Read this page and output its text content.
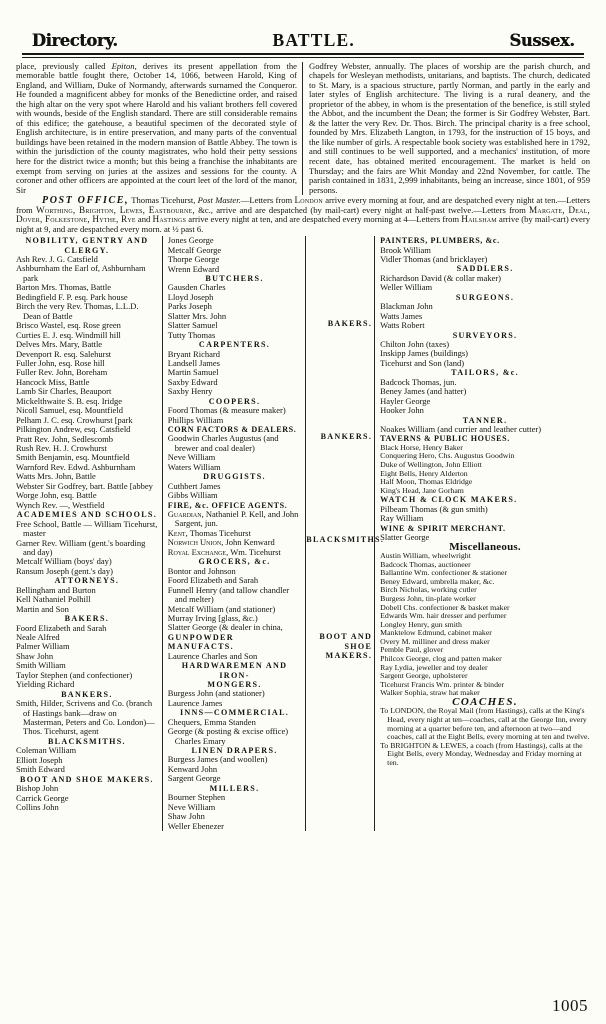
Directory.	BATTLE.	Sussex.

place, previously called Epiton, derives its present appellation from the memorable battle fought there, October 14, 1066, between Harold, King of England, and William, Duke of Normandy, afterwards surnamed the Conqueror. He founded a magnificent abbey for monks of the Benedictine order, and raised the high altar on the very spot where Harold and his valiant brothers fell covered with wounds, beside of the English standard. There are still considerable remains of this edifice; the gatehouse, a beautiful specimen of the decorated style of English architecture, is in entire preservation, and many parts of the conventual buildings have been retained in the modern mansion of Battle Abbey. The town is within the jurisdiction of the county magistrates, who hold their petty sessions here for the district twice a month; but this being a franchise the inhabitants are exempt from serving on juries at the assizes and sessions for the county. A coroner and other officers are appointed at the court leet of the lord of the manor, Sir

Godfrey Webster, annually. The places of worship are the parish church, and chapels for Wesleyan methodists, unitarians, and baptists. The church, dedicated to St. Mary, is a spacious structure, partly Norman, and partly in the early and later styles of English architecture. The living is a rural deanery, and the proprietor of the abbey, in whom is the presentation of the benefice, is still styled the Abbot, and the incumbent the Dean; the former is Sir Godfrey Webster, Bart. & the latter the very Rev. Dr. Thos. Birch. The principal charity is a free school, founded by Mrs. Elizabeth Langton, in 1793, for the instruction of 15 boys, and the like number of girls. A respectable book society was established here in 1792, and still continues to be well supported, and a mechanics' institution, of more recent date, has obtained merited encouragement. The market is held on Thursday; and the fairs are Whit Monday and 22nd November, for cattle. The parish contained in 1831, 2,999 inhabitants, being an increase, since 1801, of 959 persons.

POST OFFICE, Thomas Ticehurst, Post Master.—Letters from London arrive every morning at four, and are despatched every night at ten.—Letters from Worthing, Brighton, Lewes, Eastbourne, &c., arrive and are despatched (by mail-cart) every night at half-past twelve.—Letters from Margate, Deal, Dover, Folkestone, Hythe, Rye and Hastings arrive every night at ten, and are despatched every morning at 4—Letters from Hailsham arrive (by mail-cart) every night at 9, and are despatched every morn. at ½ past 6.
NOBILITY, GENTRY AND
CLERGY.
Ash Rev. J. G. Catsfield
Ashburnham the Earl of, Ashburnham park
Barton Mrs. Thomas, Battle
Bedingfield F. P. esq. Park house
Birch the very Rev. Thomas, L.L.D. Dean of Battle
Brisco Wastel, esq. Rose green
Curties E. J. esq. Windmill hill
Delves Mrs. Mary, Battle
Devenport R. esq. Salehurst
Fuller John, esq. Rose hill
Fuller Rev. John, Boreham
Hancock Miss, Battle
Lamb Sir Charles, Beauport
Mickelthwaite S. B. esq. Iridge
Nicoll Samuel, esq. Mountfield
Pelham J. C. esq. Crowhurst [park
Pilkington Andrew, esq. Catsfield
Pratt Rev. John, Sedlescomb
Rush Rev. H. J. Crowhurst
Smith Benjamin, esq. Mountfield
Warnford Rev. Edwd. Ashburnham
Watts Mrs. John, Battle
Webster Sir Godfrey, bart. Battle [abbey
Worge John, esq. Battle
Wynch Rev. —, Westfield
ACADEMIES AND SCHOOLS.
Free School, Battle — William Ticehurst, master
Garner Rev. William (gent.'s boarding and day)
Metcalf William (boys' day)
Ransum Joseph (gent.'s day)
ATTORNEYS.
Bellingham and Burton
Kell Nathaniel Polhill
Martin and Son
BAKERS.
Foord Elizabeth and Sarah
Neale Alfred
Palmer William
Shaw John
Smith William
Taylor Stephen (and confectioner)
Yielding Richard
BANKERS.
Smith, Hilder, Scrivens and Co. (branch of Hastings bank—draw on Masterman, Peters and Co. London)—Thos. Ticehurst, agent
BLACKSMITHS.
Coleman William
Elliott Joseph
Smith Edward
BOOT AND SHOE MAKERS.
Bishop John
Carrick George
Collins John
Jones George
Metcalf George
Thorpe George
Wrenn Edward
BUTCHERS.
Gausden Charles
Lloyd Joseph
Parks Joseph
Slatter Mrs. John
Slatter Samuel
Tutty Thomas
CARPENTERS.
Bryant Richard
Landsell James
Martin Samuel
Saxby Edward
Saxby Henry
COOPERS.
Foord Thomas (& measure maker)
Phillips William
CORN FACTORS & DEALERS.
Goodwin Charles Augustus (and brewer and coal dealer)
Neve William
Waters William
DRUGGISTS.
Cuthbert James
Gibbs William
FIRE, &c. OFFICE AGENTS.
Guardian, Nathaniel P. Kell, and John Sargent, jun.
Kent, Thomas Ticehurst
Norwich Union, John Kenward
Royal Exchange, Wm. Ticehurst
GROCERS, &c.
Bontor and Johnson
Foord Elizabeth and Sarah
Funnell Henry (and tallow chandler and melter)
Metcalf William (and stationer)
Murray Irving [glass, &c.)
Slatter George (& dealer in china,
GUNPOWDER MANUFACTS.
Laurence Charles and Son
HARDWAREMEN AND IRON-
MONGERS.
Burgess John (and stationer)
Laurence James
INNS—COMMERCIAL.
Chequers, Emma Standen
George (& posting & excise office) Charles Emary
LINEN DRAPERS.
Burgess James (and woollen)
Kenward John
Sargent George
MILLERS.
Bourner Stephen
Neve William
Shaw John
Weller Ebenezer
BAKERS.
BANKERS.
BLACKSMITHS.
BOOT AND SHOE MAKERS.
PAINTERS, PLUMBERS, &c.
Brook William
Vidler Thomas (and bricklayer)
SADDLERS.
Richardson David (& collar maker)
Weller William
SURGEONS.
Blackman John
Watts James
Watts Robert
SURVEYORS.
Chilton John (taxes)
Inskipp James (buildings)
Ticehurst and Son (land)
TAILORS, &c.
Badcock Thomas, jun.
Beney James (and hatter)
Hayler George
Hooker John
TANNER.
Noakes William (and currier and leather cutter)
TAVERNS & PUBLIC HOUSES.
Black Horse, Henry Baker
Conquering Hero, Chs. Augustus Goodwin
Duke of Wellington, John Elliott
Eight Bells, Henry Alderton
Half Moon, Thomas Eldridge
King's Head, Jane Gorham
WATCH & CLOCK MAKERS.
Pilbeam Thomas (& gun smith)
Ray William
WINE & SPIRIT MERCHANT.
Slatter George
Miscellaneous.
Austin William, wheelwright
Badcock Thomas, auctioneer
Ballantine Wm. confectioner & stationer
Beney Edward, umbrella maker, &c.
Birch Nicholas, working cutler
Burgess John, tin-plate worker
Dobell Chs. confectioner & basket maker
Edwards Wm. hair dresser and perfumer
Longley Henry, gun smith
Manktelow Edmund, cabinet maker
Overy M. milliner and dress maker
Pemble Paul, glover
Philcox George, clog and patten maker
Ray Lydia, jeweller and toy dealer
Sargent George, upholsterer
Ticehurst Francis Wm. printer & binder
Walker Sophia, straw hat maker
COACHES.
To LONDON, the Royal Mail (from Hastings), calls at the King's Head, every night at ten—coaches, call at the George Inn, every morning at a quarter before ten, and afternoon at two—and coaches, call at the Eight Bells, every morning at ten and twelve.
To BRIGHTON & LEWES, a coach (from Hastings), calls at the Eight Bells, every Monday, Wednesday and Friday morning at ten.
1005
